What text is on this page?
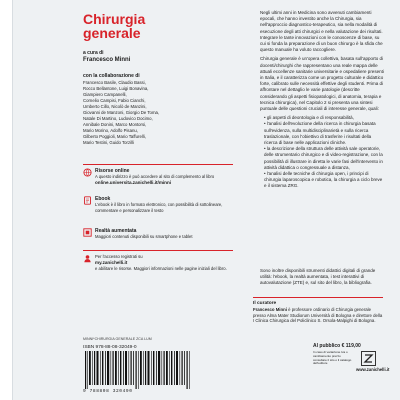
Chirurgia
generale
a cura di
Francesco Minni
con la collaborazione di
Francesco Basile, Claudio Bassi,
Rocco Bellantone, Luigi Bonavina,
Giampiero Campanelli,
Cornelio Campisi, Fabio Cianchi,
Umberto Cillo, Nicolò de Manzini,
Giovanni de Manzoni, Giorgio De Toma,
Natale Di Martino, Ludovico Docimo,
Annibale Donini, Marco Montorsi,
Mario Morino, Adolfo Pisanu,
Gilberto Poggioli, Mario Taffurelli,
Mario Testini, Guido Torzilli
Risorse online
A questo indirizzo è può accedere al sito di complemento al libro
online.universita.zanichelli.it/minni
Ebook
L'ebook è il libro in formato elettronico, con possibilità di sottolineare, commentare e personalizzare il testo
Realtà aumentata
Maggiori contenuti disponibili su smartphone e tablet
Per l'accesso registrati su
my.zanichelli.it
e abilitare le risorse. Maggiori informazioni nelle pagine iniziali del libro.

Negli ultimi anni in Medicina sono avvenuti cambiamenti epocali, che hanno investito anche la Chirurgia, sia nell'approccio diagnostico-terapeutico, sia nella modalità di esecuzione degli atti chirurgici e nella valutazione dei risultati. Integrare le tante innovazioni con le conoscenze di base, su cui si fonda la preparazione di un buon chirurgo è la sfida che questo manuale ha voluto raccogliere.

Chirurgia generale è un'opera collettiva, basata sull'apporto di docenti/chirurghi che rappresentano una reale mappa delle attuali eccellenze sanitarie universitarie e ospedaliere presenti in Italia, e il caratterizza come un progetto culturale e didattico forte, calibrato sulle necessità effettive degli studenti. Prima di affrontare nel dettaglio le varie patologie (descritte considerando gli aspetti fisiopatologici, di anatomia, terapia e tecnica chirurgica), nel Capitolo 2 si presenta una sintesi puntuale delle questioni cruciali di interesse generale, quali:

• gli aspetti di deontologia e di responsabilità,
• l'analisi dell'evoluzione della ricerca in chirurgia basata sull'evidenza, sulla multidisciplinarietà e sulla ricerca traslazionale, con l'obiettivo di trasferire i risultati della ricerca di base nelle applicazioni cliniche.
• la descrizione della struttura delle attività sale operatorie, delle strumentario chirurgico e di video-registrazione, con la possibilità di illustrare in diretta le varie fasi dell'intervento in attività didattica o congressuale a distanza,
• l'analisi delle tecniche di chirurgia open, i principi di chirurgia laparoscopica e robotica, la chirurgia a ciclo breve e il sistema ZRG.
Sono inoltre disponibili strumenti didattici digitali di grande utilità: l'ebook, la realtà aumentata, i test interattivi di autovalutazione (ZTE) e, sul sito del libro, la bibliografia.
Il curatore
Francesco Minni è professore ordinario di Chirurgia generale presso Alma Mater Studiorum Università di Bologna e direttore della I Clinica Chirurgica del Policlinico S. Orsola-Malpighi di Bologna.
MINNI*CHIRURGIA GENERALE ZCA LUM
ISBN 978-88-08-32049-0
9 788808 320490
Al pubblico € 119,00
In caso di variazione Iva o cambiamento prezzo consultare il sito o il catalogo dell'editore
www.zanichelli.it
